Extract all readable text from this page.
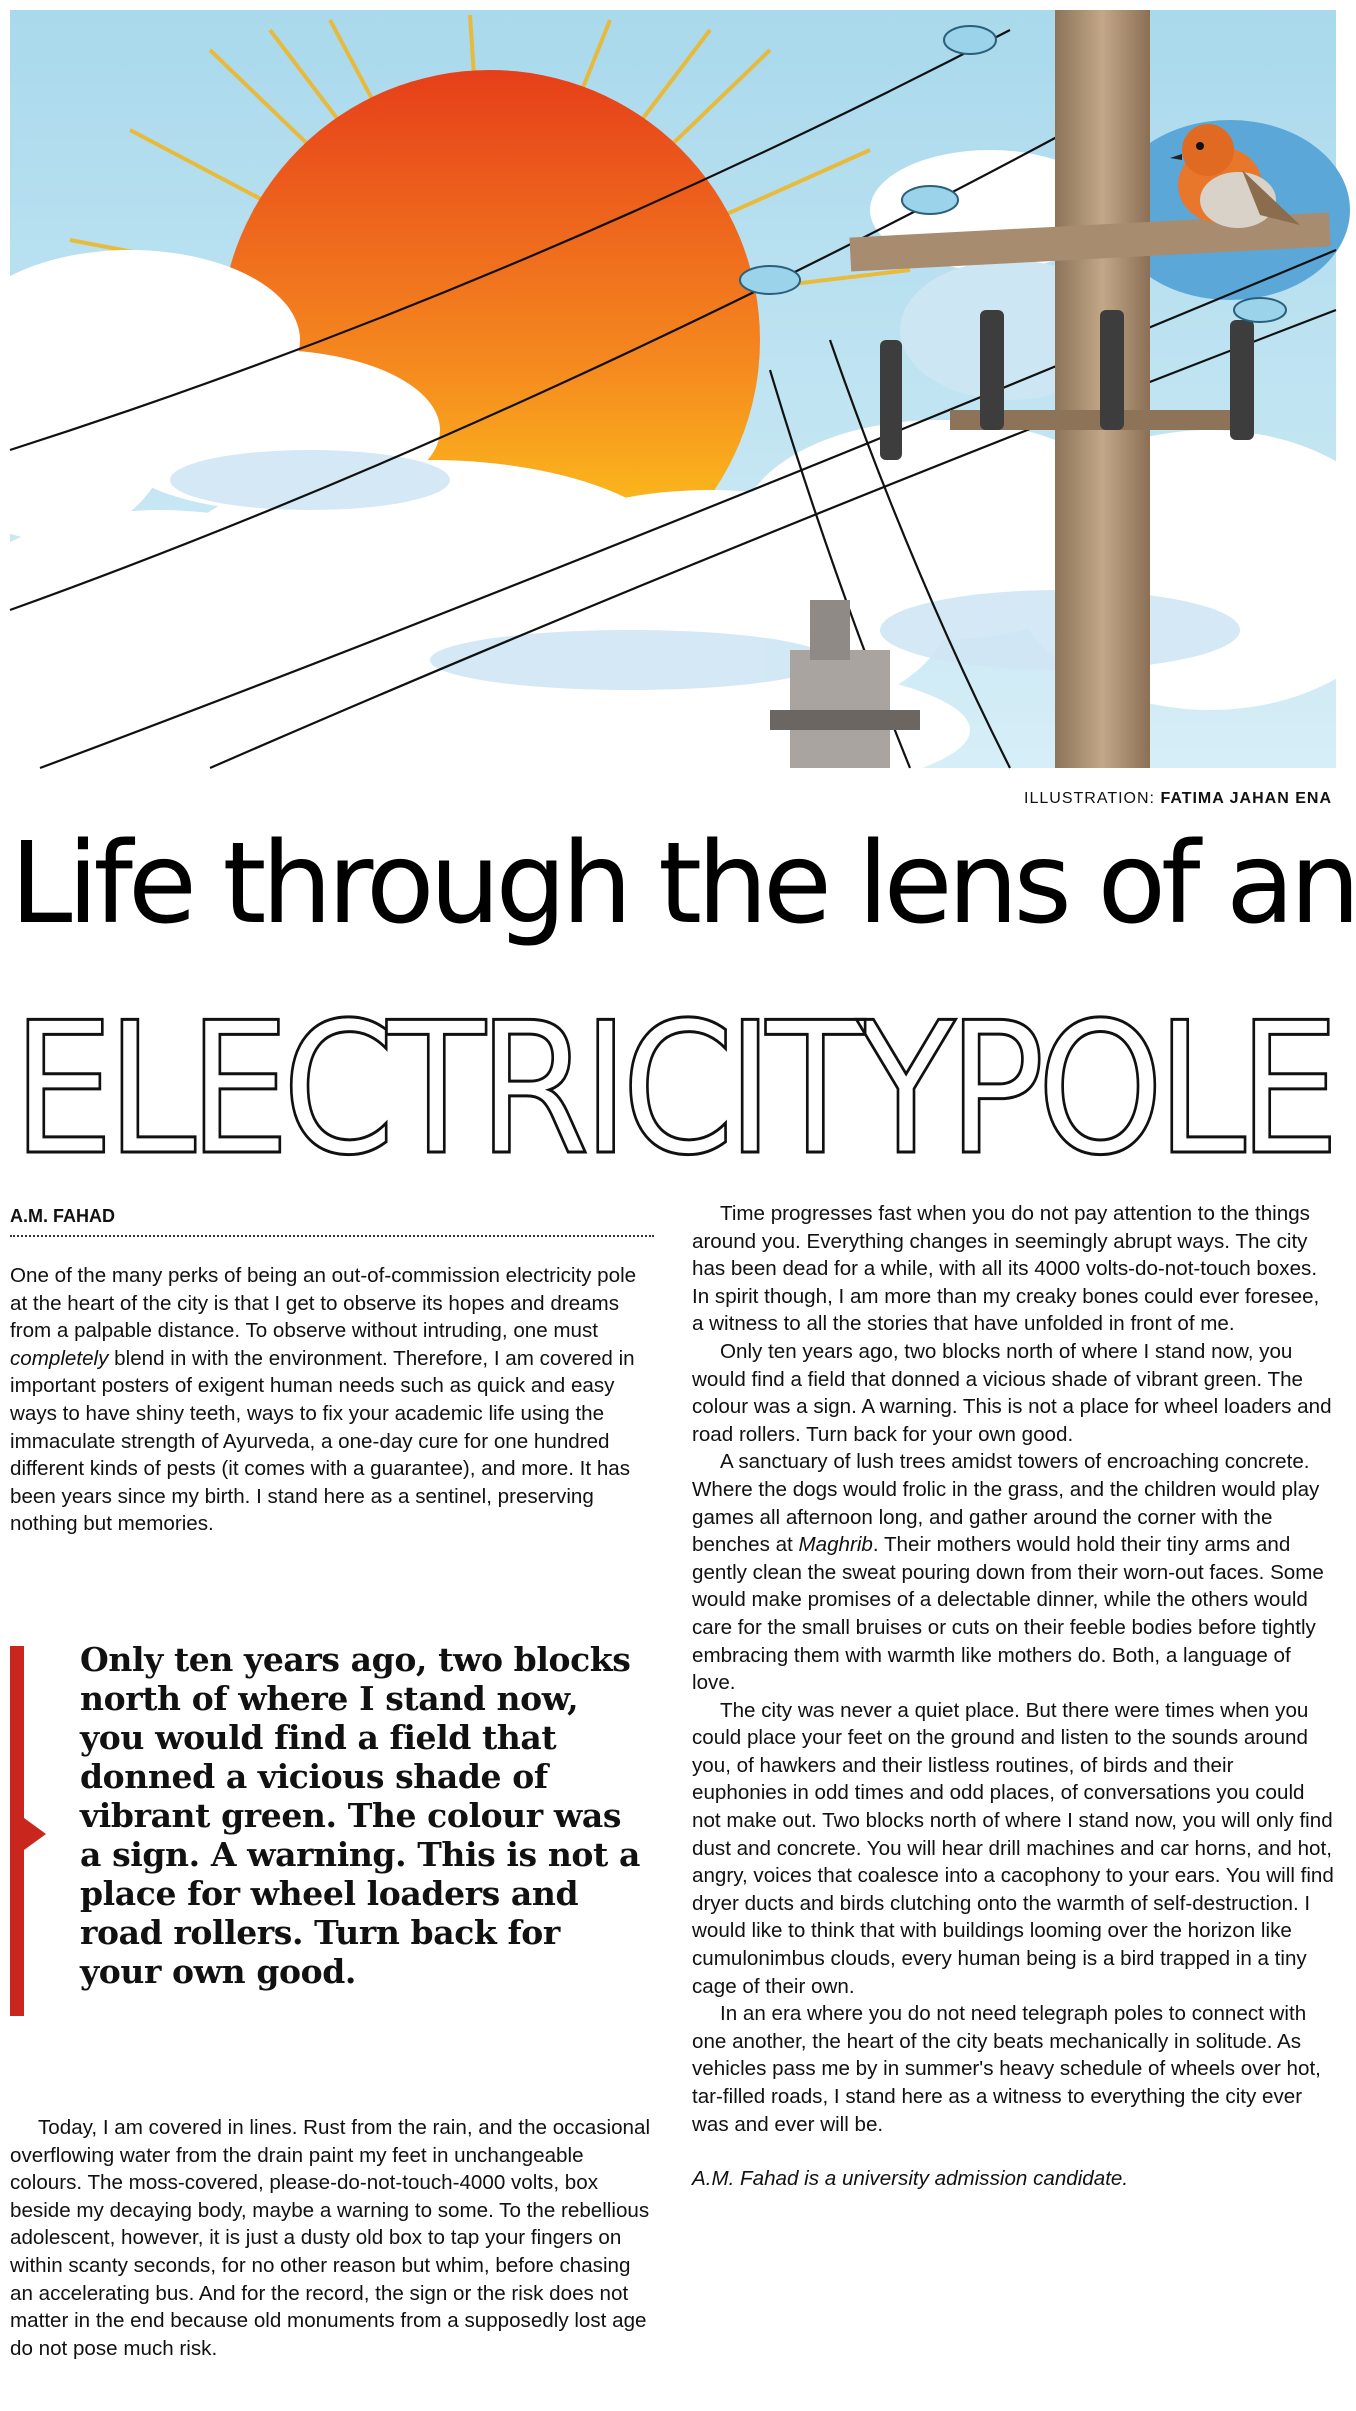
ILLUSTRATION: FATIMA JAHAN ENA
Life through the lens of an
ELECTRICITYPOLE
A.M. FAHAD

One of the many perks of being an out-of-commission electricity pole at the heart of the city is that I get to observe its hopes and dreams from a palpable distance. To observe without intruding, one must completely blend in with the environment. Therefore, I am covered in important posters of exigent human needs such as quick and easy ways to have shiny teeth, ways to fix your academic life using the immaculate strength of Ayurveda, a one-day cure for one hundred different kinds of pests (it comes with a guarantee), and more. It has been years since my birth. I stand here as a sentinel, preserving nothing but memories.

Only ten years ago, two blocks north of where I stand now, you would find a field that donned a vicious shade of vibrant green. The colour was a sign. A warning. This is not a place for wheel loaders and road rollers. Turn back for your own good.

Today, I am covered in lines. Rust from the rain, and the occasional overflowing water from the drain paint my feet in unchangeable colours. The moss-covered, please-do-not-touch-4000 volts, box beside my decaying body, maybe a warning to some. To the rebellious adolescent, however, it is just a dusty old box to tap your fingers on within scanty seconds, for no other reason but whim, before chasing an accelerating bus. And for the record, the sign or the risk does not matter in the end because old monuments from a supposedly lost age do not pose much risk.

Time progresses fast when you do not pay attention to the things around you. Everything changes in seemingly abrupt ways. The city has been dead for a while, with all its 4000 volts-do-not-touch boxes. In spirit though, I am more than my creaky bones could ever foresee, a witness to all the stories that have unfolded in front of me.

Only ten years ago, two blocks north of where I stand now, you would find a field that donned a vicious shade of vibrant green. The colour was a sign. A warning. This is not a place for wheel loaders and road rollers. Turn back for your own good.

A sanctuary of lush trees amidst towers of encroaching concrete. Where the dogs would frolic in the grass, and the children would play games all afternoon long, and gather around the corner with the benches at Maghrib. Their mothers would hold their tiny arms and gently clean the sweat pouring down from their worn-out faces. Some would make promises of a delectable dinner, while the others would care for the small bruises or cuts on their feeble bodies before tightly embracing them with warmth like mothers do. Both, a language of love.

The city was never a quiet place. But there were times when you could place your feet on the ground and listen to the sounds around you, of hawkers and their listless routines, of birds and their euphonies in odd times and odd places, of conversations you could not make out. Two blocks north of where I stand now, you will only find dust and concrete. You will hear drill machines and car horns, and hot, angry, voices that coalesce into a cacophony to your ears. You will find dryer ducts and birds clutching onto the warmth of self-destruction. I would like to think that with buildings looming over the horizon like cumulonimbus clouds, every human being is a bird trapped in a tiny cage of their own.

In an era where you do not need telegraph poles to connect with one another, the heart of the city beats mechanically in solitude. As vehicles pass me by in summer's heavy schedule of wheels over hot, tar-filled roads, I stand here as a witness to everything the city ever was and ever will be.

A.M. Fahad is a university admission candidate.
